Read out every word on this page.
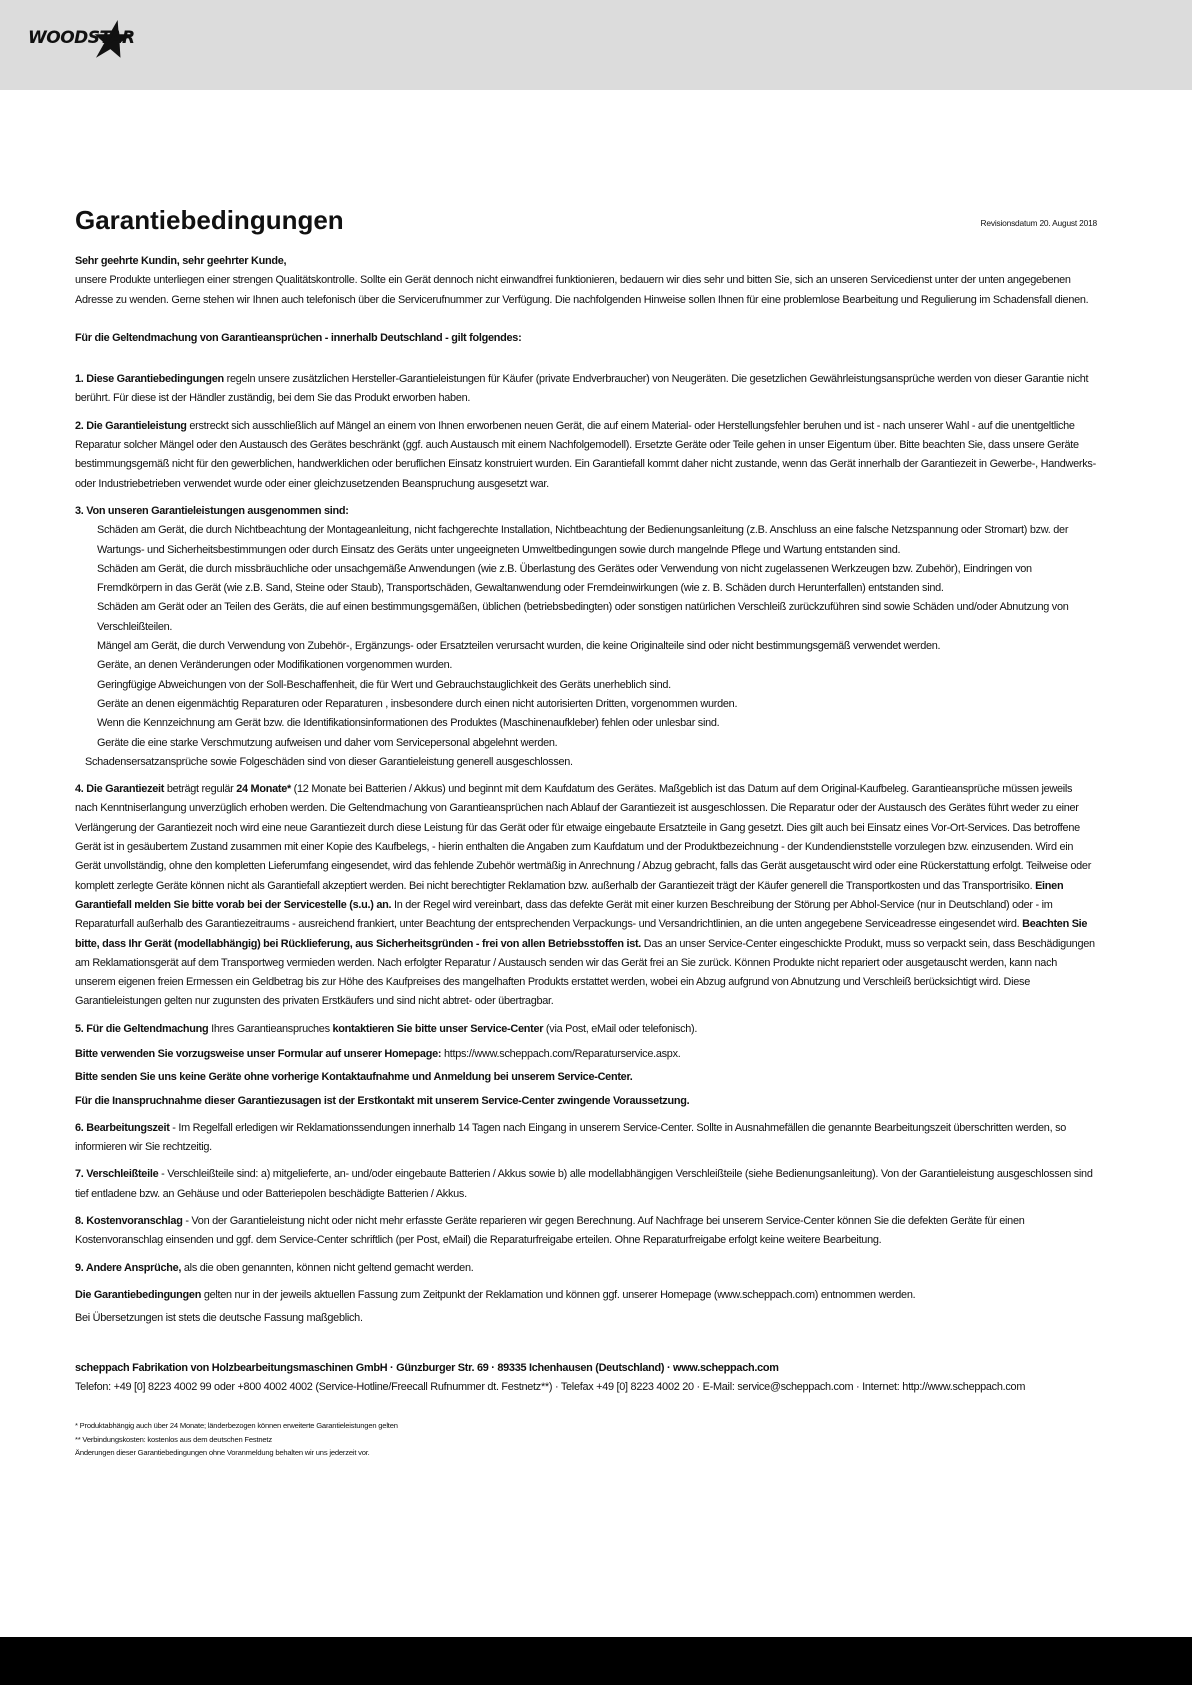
WOODSTAR
Garantiebedingungen	Revisionsdatum 20. August 2018

Sehr geehrte Kundin, sehr geehrter Kunde,

unsere Produkte unterliegen einer strengen Qualitätskontrolle. Sollte ein Gerät dennoch nicht einwandfrei funktionieren, bedauern wir dies sehr und bitten Sie, sich an unseren Servicedienst unter der unten angegebenen Adresse zu wenden. Gerne stehen wir Ihnen auch telefonisch über die Servicerufnummer zur Verfügung. Die nachfolgenden Hinweise sollen Ihnen für eine problemlose Bearbeitung und Regulierung im Schadensfall dienen.

Für die Geltendmachung von Garantieansprüchen - innerhalb Deutschland - gilt folgendes:

1. Diese Garantiebedingungen regeln unsere zusätzlichen Hersteller-Garantieleistungen für Käufer (private Endverbraucher) von Neugeräten. Die gesetzlichen Gewährleistungsansprüche werden von dieser Garantie nicht berührt. Für diese ist der Händler zuständig, bei dem Sie das Produkt erworben haben.

2. Die Garantieleistung erstreckt sich ausschließlich auf Mängel an einem von Ihnen erworbenen neuen Gerät, die auf einem Material- oder Herstellungsfehler beruhen und ist - nach unserer Wahl - auf die unentgeltliche Reparatur solcher Mängel oder den Austausch des Gerätes beschränkt (ggf. auch Austausch mit einem Nachfolgemodell). Ersetzte Geräte oder Teile gehen in unser Eigentum über. Bitte beachten Sie, dass unsere Geräte bestimmungsgemäß nicht für den gewerblichen, handwerklichen oder beruflichen Einsatz konstruiert wurden. Ein Garantiefall kommt daher nicht zustande, wenn das Gerät innerhalb der Garantiezeit in Gewerbe-, Handwerks- oder Industriebetrieben verwendet wurde oder einer gleichzusetzenden Beanspruchung ausgesetzt war.

3. Von unseren Garantieleistungen ausgenommen sind:

Schäden am Gerät, die durch Nichtbeachtung der Montageanleitung, nicht fachgerechte Installation, Nichtbeachtung der Bedienungsanleitung (z.B. Anschluss an eine falsche Netzspannung oder Stromart) bzw. der Wartungs- und Sicherheitsbestimmungen oder durch Einsatz des Geräts unter ungeeigneten Umweltbedingungen sowie durch mangelnde Pflege und Wartung entstanden sind.
Schäden am Gerät, die durch missbräuchliche oder unsachgemäße Anwendungen (wie z.B. Überlastung des Gerätes oder Verwendung von nicht zugelassenen Werkzeugen bzw. Zubehör), Eindringen von Fremdkörpern in das Gerät (wie z.B. Sand, Steine oder Staub), Transportschäden, Gewaltanwendung oder Fremdeinwirkungen (wie z. B. Schäden durch Herunterfallen) entstanden sind.
Schäden am Gerät oder an Teilen des Geräts, die auf einen bestimmungsgemäßen, üblichen (betriebsbedingten) oder sonstigen natürlichen Verschleiß zurückzuführen sind sowie Schäden und/oder Abnutzung von Verschleißteilen.
Mängel am Gerät, die durch Verwendung von Zubehör-, Ergänzungs- oder Ersatzteilen verursacht wurden, die keine Originalteile sind oder nicht bestimmungsgemäß verwendet werden.
Geräte, an denen Veränderungen oder Modifikationen vorgenommen wurden.
Geringfügige Abweichungen von der Soll-Beschaffenheit, die für Wert und Gebrauchstauglichkeit des Geräts unerheblich sind.
Geräte an denen eigenmächtig Reparaturen oder Reparaturen , insbesondere durch einen nicht autorisierten Dritten, vorgenommen wurden.
Wenn die Kennzeichnung am Gerät bzw. die Identifikationsinformationen des Produktes (Maschinenaufkleber) fehlen oder unlesbar sind.
Geräte die eine starke Verschmutzung aufweisen und daher vom Servicepersonal abgelehnt werden.

Schadensersatzansprüche sowie Folgeschäden sind von dieser Garantieleistung generell ausgeschlossen.

4. Die Garantiezeit beträgt regulär 24 Monate* (12 Monate bei Batterien / Akkus) und beginnt mit dem Kaufdatum des Gerätes. Maßgeblich ist das Datum auf dem Original-Kaufbeleg. Garantieansprüche müssen jeweils nach Kenntniserlangung unverzüglich erhoben werden. Die Geltendmachung von Garantieansprüchen nach Ablauf der Garantiezeit ist ausgeschlossen. Die Reparatur oder der Austausch des Gerätes führt weder zu einer Verlängerung der Garantiezeit noch wird eine neue Garantiezeit durch diese Leistung für das Gerät oder für etwaige eingebaute Ersatzteile in Gang gesetzt. Dies gilt auch bei Einsatz eines Vor-Ort-Services. Das betroffene Gerät ist in gesäubertem Zustand zusammen mit einer Kopie des Kaufbelegs, - hierin enthalten die Angaben zum Kaufdatum und der Produktbezeichnung - der Kundendienststelle vorzulegen bzw. einzusenden. Wird ein Gerät unvollständig, ohne den kompletten Lieferumfang eingesendet, wird das fehlende Zubehör wertmäßig in Anrechnung / Abzug gebracht, falls das Gerät ausgetauscht wird oder eine Rückerstattung erfolgt. Teilweise oder komplett zerlegte Geräte können nicht als Garantiefall akzeptiert werden. Bei nicht berechtigter Reklamation bzw. außerhalb der Garantiezeit trägt der Käufer generell die Transportkosten und das Transportrisiko. Einen Garantiefall melden Sie bitte vorab bei der Servicestelle (s.u.) an. In der Regel wird vereinbart, dass das defekte Gerät mit einer kurzen Beschreibung der Störung per Abhol-Service (nur in Deutschland) oder - im Reparaturfall außerhalb des Garantiezeitraums - ausreichend frankiert, unter Beachtung der entsprechenden Verpackungs- und Versandrichtlinien, an die unten angegebene Serviceadresse eingesendet wird. Beachten Sie bitte, dass Ihr Gerät (modellabhängig) bei Rücklieferung, aus Sicherheitsgründen - frei von allen Betriebsstoffen ist. Das an unser Service-Center eingeschickte Produkt, muss so verpackt sein, dass Beschädigungen am Reklamationsgerät auf dem Transportweg vermieden werden. Nach erfolgter Reparatur / Austausch senden wir das Gerät frei an Sie zurück. Können Produkte nicht repariert oder ausgetauscht werden, kann nach unserem eigenen freien Ermessen ein Geldbetrag bis zur Höhe des Kaufpreises des mangelhaften Produkts erstattet werden, wobei ein Abzug aufgrund von Abnutzung und Verschleiß berücksichtigt wird. Diese Garantieleistungen gelten nur zugunsten des privaten Erstkäufers und sind nicht abtret- oder übertragbar.

5. Für die Geltendmachung Ihres Garantieanspruches kontaktieren Sie bitte unser Service-Center (via Post, eMail oder telefonisch).

Bitte verwenden Sie vorzugsweise unser Formular auf unserer Homepage: https://www.scheppach.com/Reparaturservice.aspx.

Bitte senden Sie uns keine Geräte ohne vorherige Kontaktaufnahme und Anmeldung bei unserem Service-Center.

Für die Inanspruchnahme dieser Garantiezusagen ist der Erstkontakt mit unserem Service-Center zwingende Voraussetzung.

6. Bearbeitungszeit - Im Regelfall erledigen wir Reklamationssendungen innerhalb 14 Tagen nach Eingang in unserem Service-Center. Sollte in Ausnahmefällen die genannte Bearbeitungszeit überschritten werden, so informieren wir Sie rechtzeitig.

7. Verschleißteile - Verschleißteile sind: a) mitgelieferte, an- und/oder eingebaute Batterien / Akkus sowie b) alle modellabhängigen Verschleißteile (siehe Bedienungsanleitung). Von der Garantieleistung ausgeschlossen sind tief entladene bzw. an Gehäuse und oder Batteriepolen beschädigte Batterien / Akkus.

8. Kostenvoranschlag - Von der Garantieleistung nicht oder nicht mehr erfasste Geräte reparieren wir gegen Berechnung. Auf Nachfrage bei unserem Service-Center können Sie die defekten Geräte für einen Kostenvoranschlag einsenden und ggf. dem Service-Center schriftlich (per Post, eMail) die Reparaturfreigabe erteilen. Ohne Reparaturfreigabe erfolgt keine weitere Bearbeitung.

9. Andere Ansprüche, als die oben genannten, können nicht geltend gemacht werden.

Die Garantiebedingungen gelten nur in der jeweils aktuellen Fassung zum Zeitpunkt der Reklamation und können ggf. unserer Homepage (www.scheppach.com) entnommen werden.

Bei Übersetzungen ist stets die deutsche Fassung maßgeblich.

scheppach Fabrikation von Holzbearbeitungsmaschinen GmbH · Günzburger Str. 69 · 89335 Ichenhausen (Deutschland) · www.scheppach.com

Telefon: +49 [0] 8223 4002 99 oder +800 4002 4002 (Service-Hotline/Freecall Rufnummer dt. Festnetz**) · Telefax +49 [0] 8223 4002 20 · E-Mail: service@scheppach.com · Internet: http://www.scheppach.com

* Produktabhängig auch über 24 Monate; länderbezogen können erweiterte Garantieleistungen gelten
** Verbindungskosten: kostenlos aus dem deutschen Festnetz
Änderungen dieser Garantiebedingungen ohne Voranmeldung behalten wir uns jederzeit vor.
